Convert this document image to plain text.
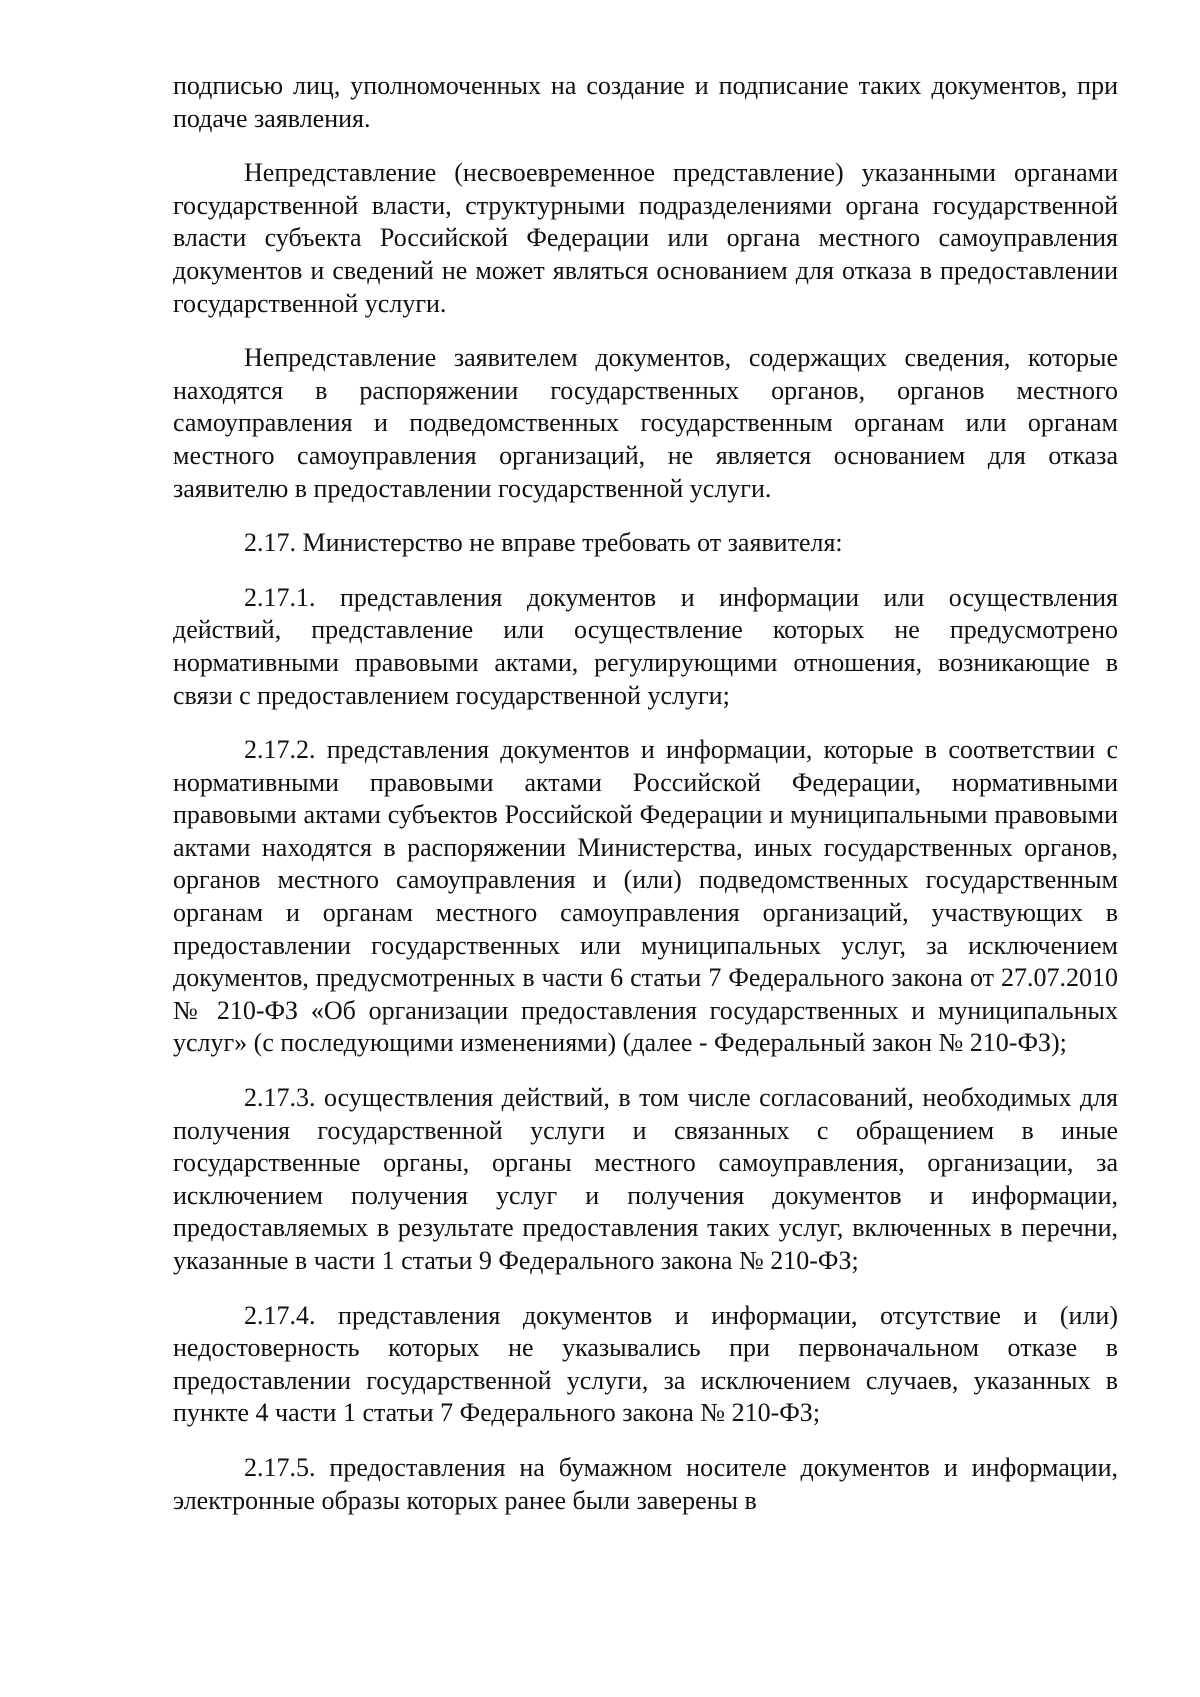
подписью лиц, уполномоченных на создание и подписание таких документов, при подаче заявления.

Непредставление (несвоевременное представление) указанными органами государственной власти, структурными подразделениями органа государственной власти субъекта Российской Федерации или органа местного самоуправления документов и сведений не может являться основанием для отказа в предоставлении государственной услуги.

Непредставление заявителем документов, содержащих сведения, которые находятся в распоряжении государственных органов, органов местного самоуправления и подведомственных государственным органам или органам местного самоуправления организаций, не является основанием для отказа заявителю в предоставлении государственной услуги.

2.17. Министерство не вправе требовать от заявителя:

2.17.1. представления документов и информации или осуществления действий, представление или осуществление которых не предусмотрено нормативными правовыми актами, регулирующими отношения, возникающие в связи с предоставлением государственной услуги;

2.17.2. представления документов и информации, которые в соответствии с нормативными правовыми актами Российской Федерации, нормативными правовыми актами субъектов Российской Федерации и муниципальными правовыми актами находятся в распоряжении Министерства, иных государственных органов, органов местного самоуправления и (или) подведомственных государственным органам и органам местного самоуправления организаций, участвующих в предоставлении государственных или муниципальных услуг, за исключением документов, предусмотренных в части 6 статьи 7 Федерального закона от 27.07.2010 № 210-ФЗ «Об организации предоставления государственных и муниципальных услуг» (с последующими изменениями) (далее - Федеральный закон № 210-ФЗ);

2.17.3. осуществления действий, в том числе согласований, необходимых для получения государственной услуги и связанных с обращением в иные государственные органы, органы местного самоуправления, организации, за исключением получения услуг и получения документов и информации, предоставляемых в результате предоставления таких услуг, включенных в перечни, указанные в части 1 статьи 9 Федерального закона № 210-ФЗ;

2.17.4. представления документов и информации, отсутствие и (или) недостоверность которых не указывались при первоначальном отказе в предоставлении государственной услуги, за исключением случаев, указанных в пункте 4 части 1 статьи 7 Федерального закона № 210-ФЗ;

2.17.5. предоставления на бумажном носителе документов и информации, электронные образы которых ранее были заверены в
